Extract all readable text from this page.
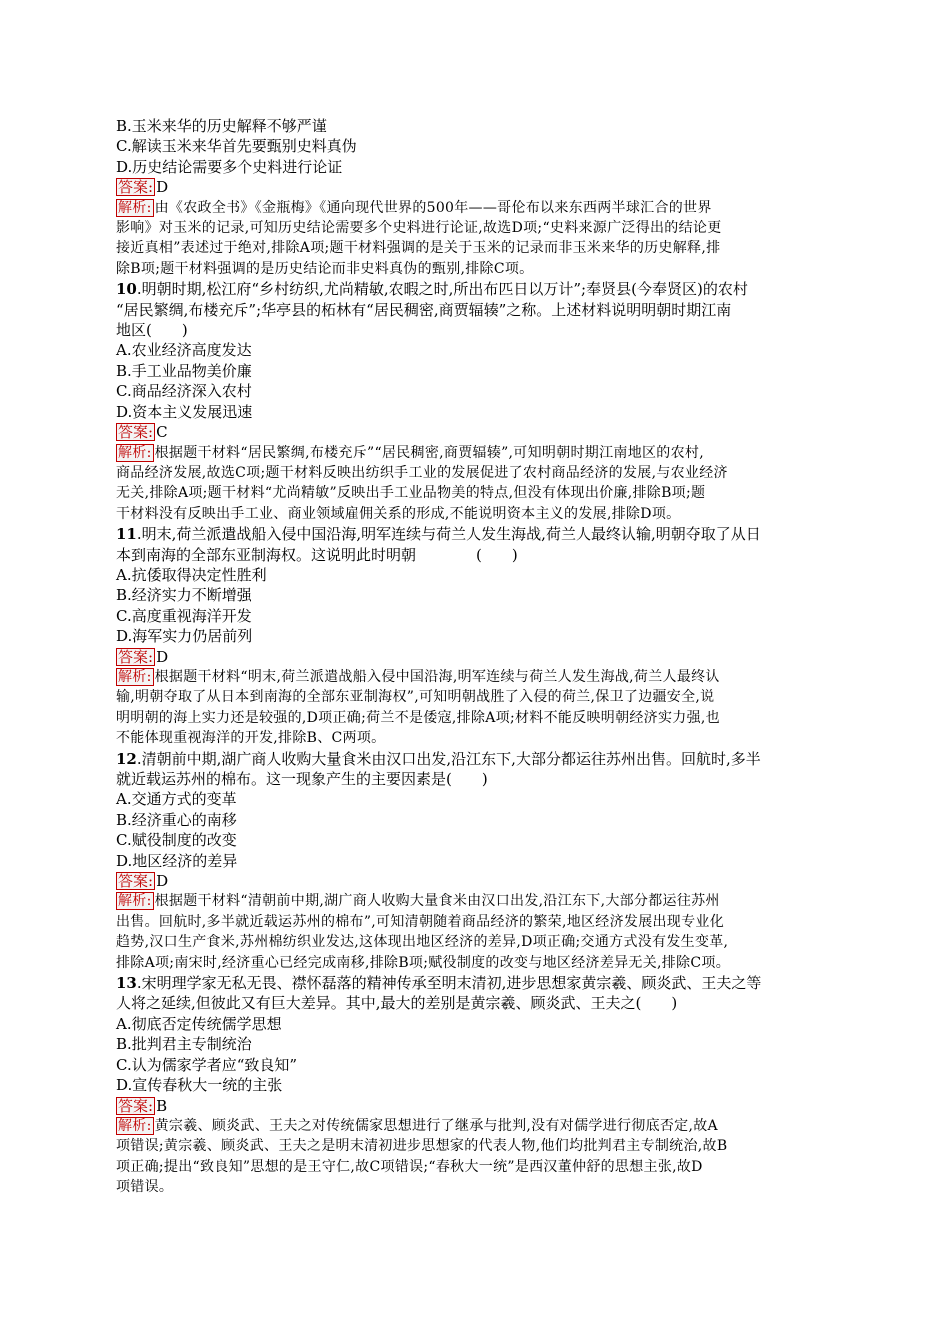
B.玉米来华的历史解释不够严谨
C.解读玉米来华首先要甄别史料真伪
D.历史结论需要多个史料进行论证
答案: D
解析: 由《农政全书》《金瓶梅》《通向现代世界的500年——哥伦布以来东西两半球汇合的世界
影响》对玉米的记录,可知历史结论需要多个史料进行论证,故选D项;“史料来源广泛得出的结论更
接近真相”表述过于绝对,排除A项;题干材料强调的是关于玉米的记录而非玉米来华的历史解释,排
除B项;题干材料强调的是历史结论而非史料真伪的甄别,排除C项。
10.明朝时期,松江府“乡村纺织,尤尚精敏,农暇之时,所出布匹日以万计”;奉贤县(今奉贤区)的农村
“居民繁绸,布楼充斥”;华亭县的柘林有“居民稠密,商贾辐辏”之称。上述材料说明明朝时期江南
地区(　　)
A.农业经济高度发达
B.手工业品物美价廉
C.商品经济深入农村
D.资本主义发展迅速
答案: C
解析: 根据题干材料“居民繁绸,布楼充斥”“居民稠密,商贾辐辏”,可知明朝时期江南地区的农村,
商品经济发展,故选C项;题干材料反映出纺织手工业的发展促进了农村商品经济的发展,与农业经济
无关,排除A项;题干材料“尤尚精敏”反映出手工业品物美的特点,但没有体现出价廉,排除B项;题
干材料没有反映出手工业、商业领域雇佣关系的形成,不能说明资本主义的发展,排除D项。
11.明末,荷兰派遣战船入侵中国沿海,明军连续与荷兰人发生海战,荷兰人最终认输,明朝夺取了从日
本到南海的全部东亚制海权。这说明此时明朝　　　　(　　)
A.抗倭取得决定性胜利
B.经济实力不断增强
C.高度重视海洋开发
D.海军实力仍居前列
答案: D
解析: 根据题干材料“明末,荷兰派遣战船入侵中国沿海,明军连续与荷兰人发生海战,荷兰人最终认
输,明朝夺取了从日本到南海的全部东亚制海权”,可知明朝战胜了入侵的荷兰,保卫了边疆安全,说
明明朝的海上实力还是较强的,D项正确;荷兰不是倭寇,排除A项;材料不能反映明朝经济实力强,也
不能体现重视海洋的开发,排除B、C两项。
12.清朝前中期,湖广商人收购大量食米由汉口出发,沿江东下,大部分都运往苏州出售。回航时,多半
就近载运苏州的棉布。这一现象产生的主要因素是(　　)
A.交通方式的变革
B.经济重心的南移
C.赋役制度的改变
D.地区经济的差异
答案: D
解析: 根据题干材料“清朝前中期,湖广商人收购大量食米由汉口出发,沿江东下,大部分都运往苏州
出售。回航时,多半就近载运苏州的棉布”,可知清朝随着商品经济的繁荣,地区经济发展出现专业化
趋势,汉口生产食米,苏州棉纺织业发达,这体现出地区经济的差异,D项正确;交通方式没有发生变革,
排除A项;南宋时,经济重心已经完成南移,排除B项;赋役制度的改变与地区经济差异无关,排除C项。
13.宋明理学家无私无畏、襟怀磊落的精神传承至明末清初,进步思想家黄宗羲、顾炎武、王夫之等
人将之延续,但彼此又有巨大差异。其中,最大的差别是黄宗羲、顾炎武、王夫之(　　)
A.彻底否定传统儒学思想
B.批判君主专制统治
C.认为儒家学者应“致良知”
D.宣传春秋大一统的主张
答案: B
解析: 黄宗羲、顾炎武、王夫之对传统儒家思想进行了继承与批判,没有对儒学进行彻底否定,故A
项错误;黄宗羲、顾炎武、王夫之是明末清初进步思想家的代表人物,他们均批判君主专制统治,故B
项正确;提出“致良知”思想的是王守仁,故C项错误;“春秋大一统”是西汉董仲舒的思想主张,故D
项错误。
